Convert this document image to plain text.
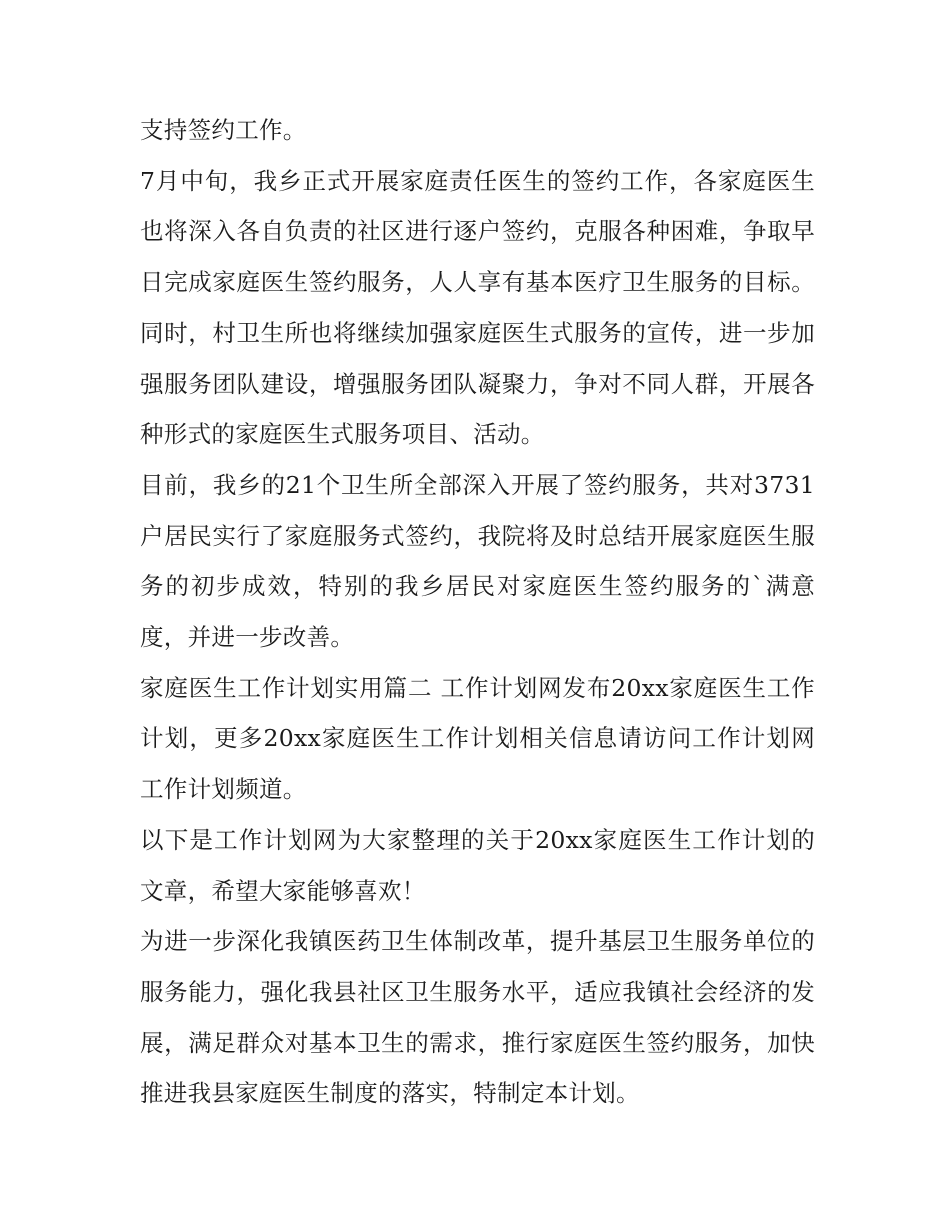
支持签约工作。

7月中旬，我乡正式开展家庭责任医生的签约工作，各家庭医生也将深入各自负责的社区进行逐户签约，克服各种困难，争取早日完成家庭医生签约服务，人人享有基本医疗卫生服务的目标。同时，村卫生所也将继续加强家庭医生式服务的宣传，进一步加强服务团队建设，增强服务团队凝聚力，争对不同人群，开展各种形式的家庭医生式服务项目、活动。

目前，我乡的21个卫生所全部深入开展了签约服务，共对3731户居民实行了家庭服务式签约，我院将及时总结开展家庭医生服务的初步成效，特别的我乡居民对家庭医生签约服务的`满意度，并进一步改善。

家庭医生工作计划实用篇二 工作计划网发布20xx家庭医生工作计划，更多20xx家庭医生工作计划相关信息请访问工作计划网工作计划频道。

以下是工作计划网为大家整理的关于20xx家庭医生工作计划的文章，希望大家能够喜欢！

为进一步深化我镇医药卫生体制改革，提升基层卫生服务单位的服务能力，强化我县社区卫生服务水平，适应我镇社会经济的发展，满足群众对基本卫生的需求，推行家庭医生签约服务，加快推进我县家庭医生制度的落实，特制定本计划。
